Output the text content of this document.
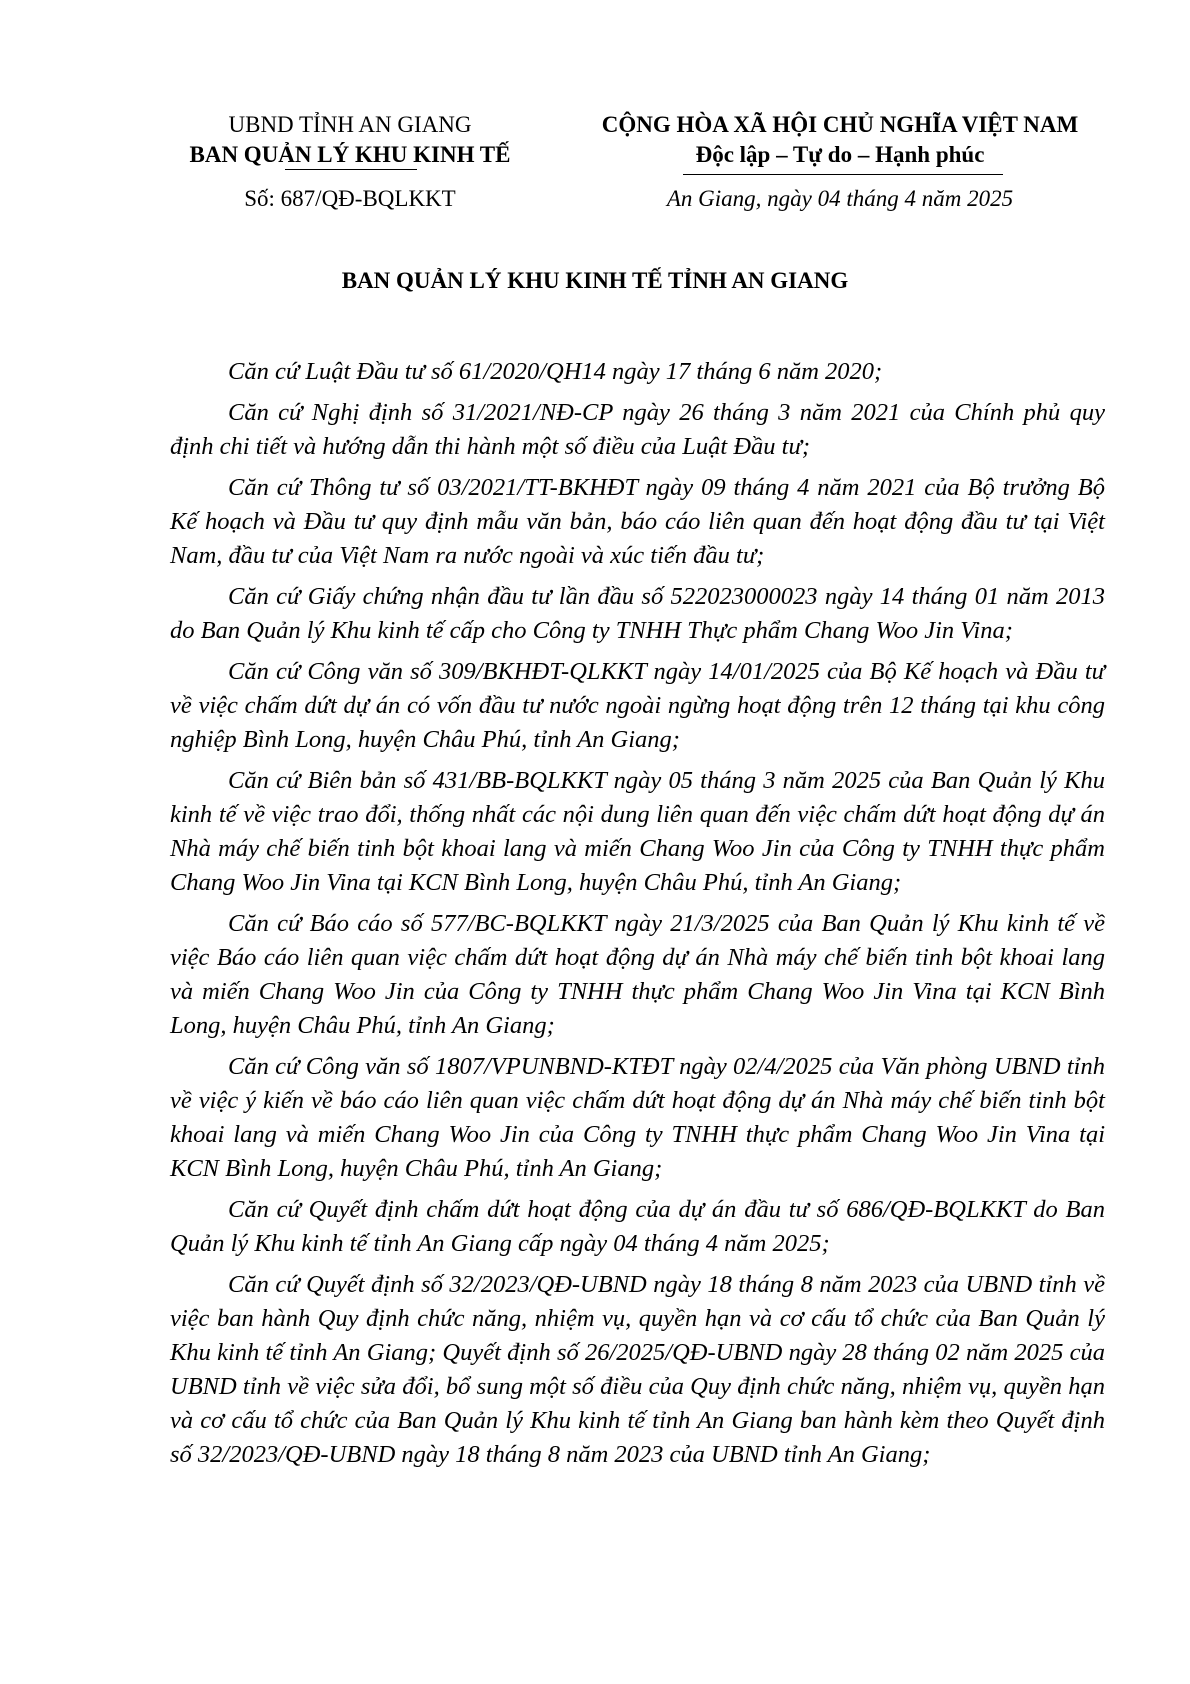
UBND TỈNH AN GIANG
BAN QUẢN LÝ KHU KINH TẾ
CỘNG HÒA XÃ HỘI CHỦ NGHĨA VIỆT NAM
Độc lập – Tự do – Hạnh phúc
Số: 687/QĐ-BQLKKT	An Giang, ngày 04 tháng 4 năm 2025
BAN QUẢN LÝ KHU KINH TẾ TỈNH AN GIANG

Căn cứ Luật Đầu tư số 61/2020/QH14 ngày 17 tháng 6 năm 2020;

Căn cứ Nghị định số 31/2021/NĐ-CP ngày 26 tháng 3 năm 2021 của Chính phủ quy định chi tiết và hướng dẫn thi hành một số điều của Luật Đầu tư;

Căn cứ Thông tư số 03/2021/TT-BKHĐT ngày 09 tháng 4 năm 2021 của Bộ trưởng Bộ Kế hoạch và Đầu tư quy định mẫu văn bản, báo cáo liên quan đến hoạt động đầu tư tại Việt Nam, đầu tư của Việt Nam ra nước ngoài và xúc tiến đầu tư;

Căn cứ Giấy chứng nhận đầu tư lần đầu số 522023000023 ngày 14 tháng 01 năm 2013 do Ban Quản lý Khu kinh tế cấp cho Công ty TNHH Thực phẩm Chang Woo Jin Vina;

Căn cứ Công văn số 309/BKHĐT-QLKKT ngày 14/01/2025 của Bộ Kế hoạch và Đầu tư về việc chấm dứt dự án có vốn đầu tư nước ngoài ngừng hoạt động trên 12 tháng tại khu công nghiệp Bình Long, huyện Châu Phú, tỉnh An Giang;

Căn cứ Biên bản số 431/BB-BQLKKT ngày 05 tháng 3 năm 2025 của Ban Quản lý Khu kinh tế về việc trao đổi, thống nhất các nội dung liên quan đến việc chấm dứt hoạt động dự án Nhà máy chế biến tinh bột khoai lang và miến Chang Woo Jin của Công ty TNHH thực phẩm Chang Woo Jin Vina tại KCN Bình Long, huyện Châu Phú, tỉnh An Giang;

Căn cứ Báo cáo số 577/BC-BQLKKT ngày 21/3/2025 của Ban Quản lý Khu kinh tế về việc Báo cáo liên quan việc chấm dứt hoạt động dự án Nhà máy chế biến tinh bột khoai lang và miến Chang Woo Jin của Công ty TNHH thực phẩm Chang Woo Jin Vina tại KCN Bình Long, huyện Châu Phú, tỉnh An Giang;

Căn cứ Công văn số 1807/VPUNBND-KTĐT ngày 02/4/2025 của Văn phòng UBND tỉnh về việc ý kiến về báo cáo liên quan việc chấm dứt hoạt động dự án Nhà máy chế biến tinh bột khoai lang và miến Chang Woo Jin của Công ty TNHH thực phẩm Chang Woo Jin Vina tại KCN Bình Long, huyện Châu Phú, tỉnh An Giang;

Căn cứ Quyết định chấm dứt hoạt động của dự án đầu tư số 686/QĐ-BQLKKT do Ban Quản lý Khu kinh tế tỉnh An Giang cấp ngày 04 tháng 4 năm 2025;

Căn cứ Quyết định số 32/2023/QĐ-UBND ngày 18 tháng 8 năm 2023 của UBND tỉnh về việc ban hành Quy định chức năng, nhiệm vụ, quyền hạn và cơ cấu tổ chức của Ban Quản lý Khu kinh tế tỉnh An Giang; Quyết định số 26/2025/QĐ-UBND ngày 28 tháng 02 năm 2025 của UBND tỉnh về việc sửa đổi, bổ sung một số điều của Quy định chức năng, nhiệm vụ, quyền hạn và cơ cấu tổ chức của Ban Quản lý Khu kinh tế tỉnh An Giang ban hành kèm theo Quyết định số 32/2023/QĐ-UBND ngày 18 tháng 8 năm 2023 của UBND tỉnh An Giang;
